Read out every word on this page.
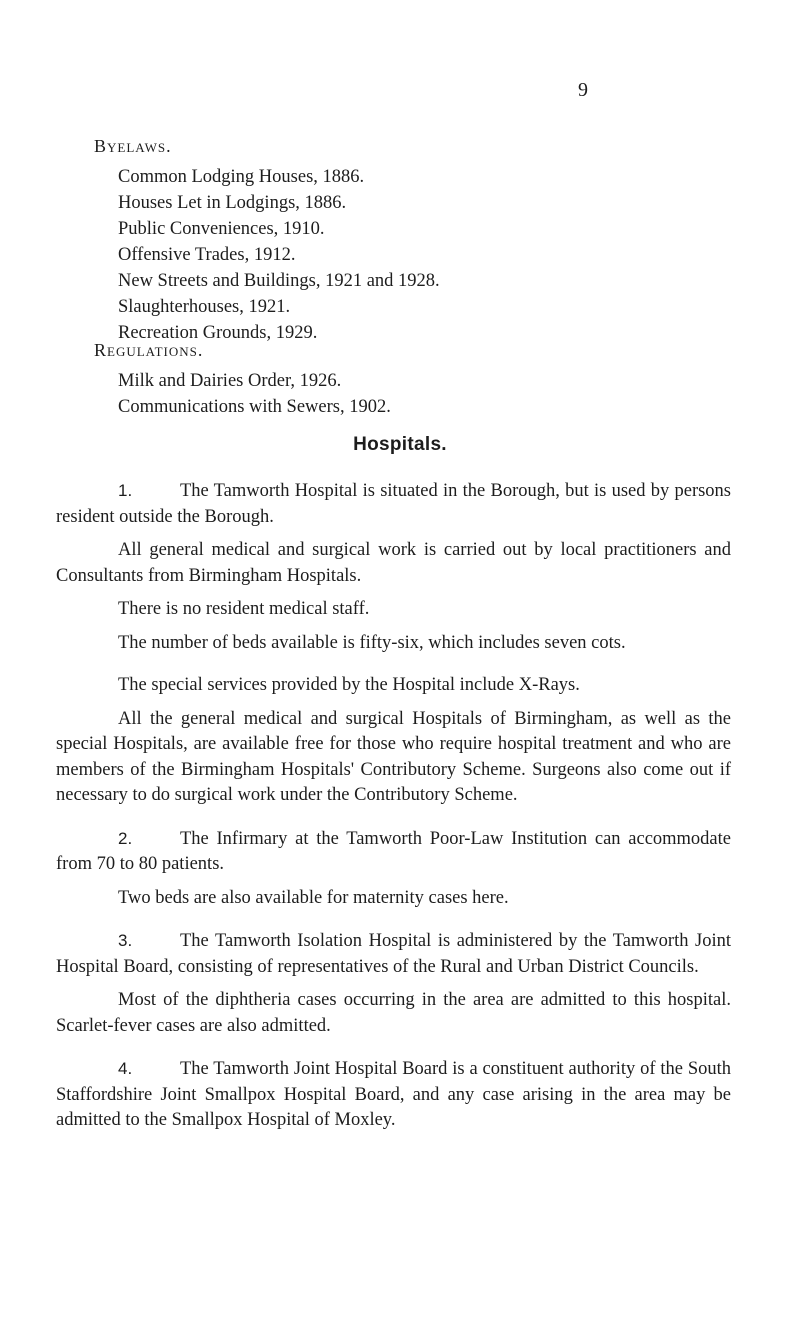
9
Byelaws.
Common Lodging Houses, 1886.
Houses Let in Lodgings, 1886.
Public Conveniences, 1910.
Offensive Trades, 1912.
New Streets and Buildings, 1921 and 1928.
Slaughterhouses, 1921.
Recreation Grounds, 1929.
Regulations.
Milk and Dairies Order, 1926.
Communications with Sewers, 1902.
Hospitals.

1.	The Tamworth Hospital is situated in the Borough, but is used by persons resident outside the Borough.

All general medical and surgical work is carried out by local practitioners and Consultants from Birmingham Hospitals.

There is no resident medical staff.

The number of beds available is fifty-six, which includes seven cots.

The special services provided by the Hospital include X-Rays.

All the general medical and surgical Hospitals of Birmingham, as well as the special Hospitals, are available free for those who require hospital treatment and who are members of the Birmingham Hospitals' Contributory Scheme. Surgeons also come out if necessary to do surgical work under the Contributory Scheme.

2.	The Infirmary at the Tamworth Poor-Law Institution can accommodate from 70 to 80 patients.

Two beds are also available for maternity cases here.

3.	The Tamworth Isolation Hospital is administered by the Tamworth Joint Hospital Board, consisting of representatives of the Rural and Urban District Councils.

Most of the diphtheria cases occurring in the area are admitted to this hospital. Scarlet-fever cases are also admitted.

4.	The Tamworth Joint Hospital Board is a constituent authority of the South Staffordshire Joint Smallpox Hospital Board, and any case arising in the area may be admitted to the Smallpox Hospital of Moxley.
